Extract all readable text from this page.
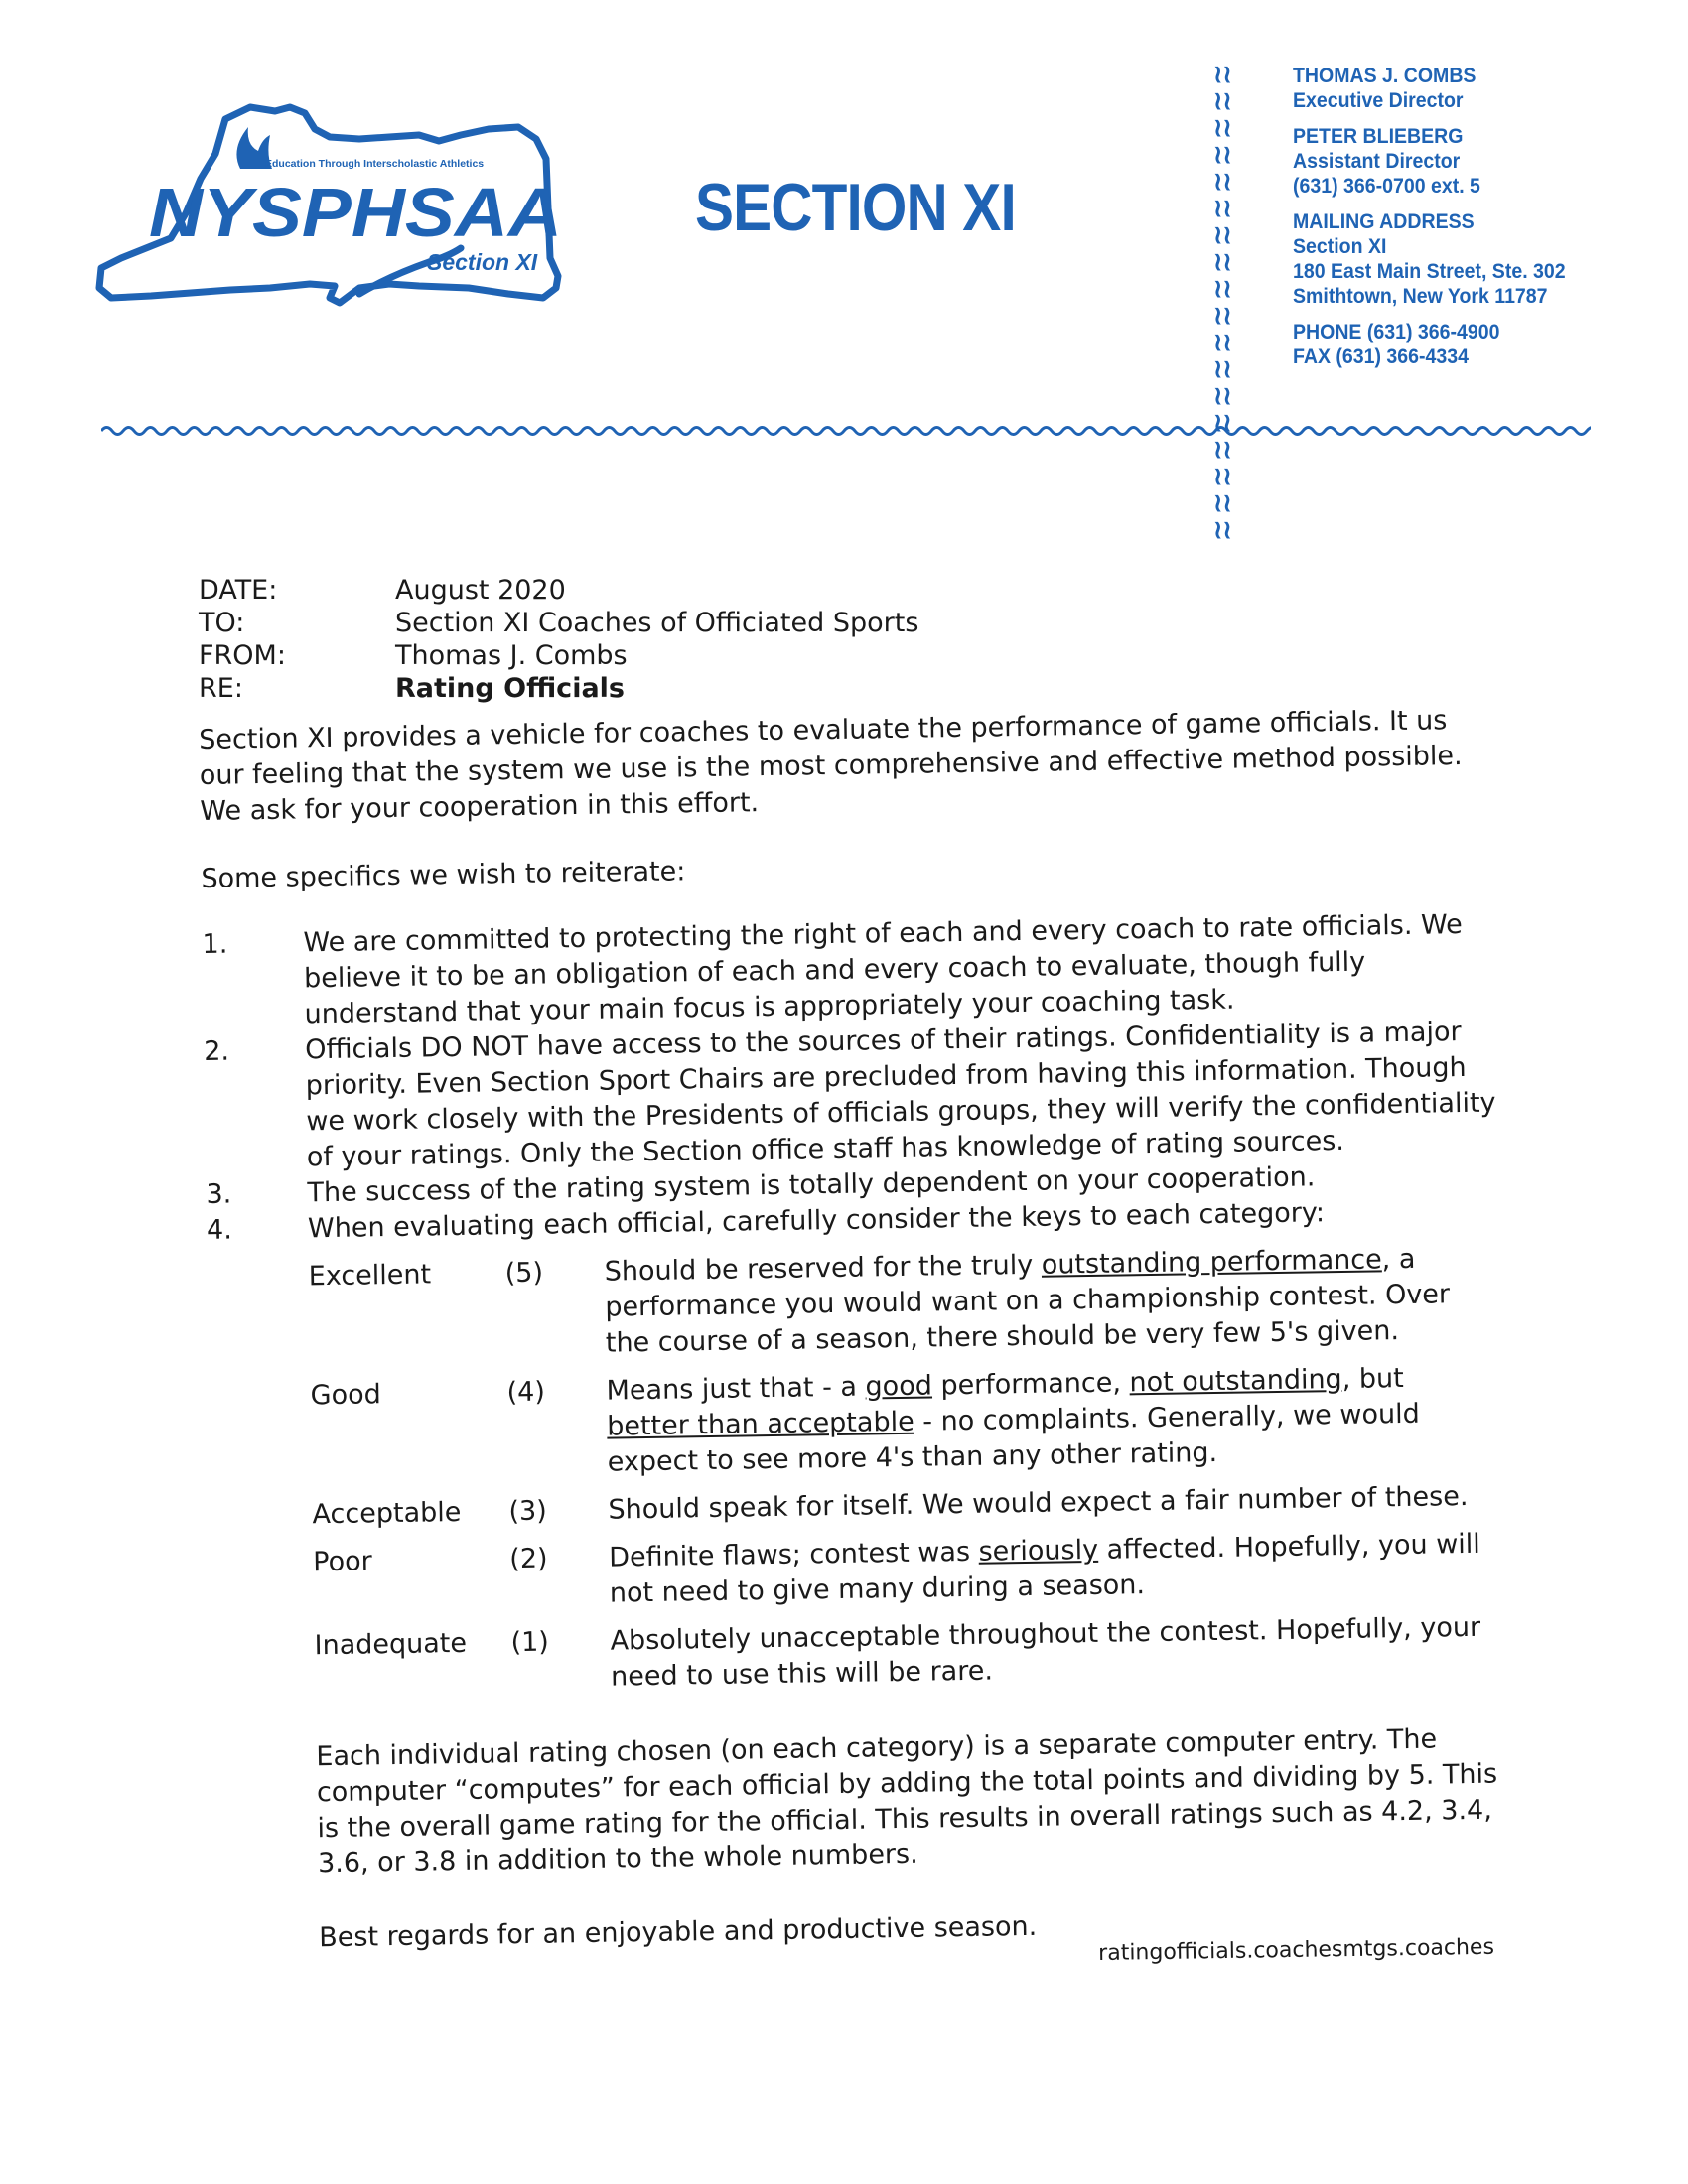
Education Through Interscholastic Athletics
NYSPHSAA
Section XI
SECTION XI
≀≀
≀≀
≀≀
≀≀
≀≀
≀≀
≀≀
≀≀
≀≀
≀≀
≀≀
≀≀
≀≀
≀≀
≀≀
≀≀
≀≀
≀≀
THOMAS J. COMBS
Executive Director
PETER BLIEBERG
Assistant Director
(631) 366-0700 ext. 5
MAILING ADDRESS
Section XI
180 East Main Street, Ste. 302
Smithtown, New York 11787
PHONE (631) 366-4900
FAX (631) 366-4334
DATE:	August 2020
TO:	Section XI Coaches of Officiated Sports
FROM:	Thomas J. Combs
RE:	Rating Officials

Section XI provides a vehicle for coaches to evaluate the performance of game officials. It us our feeling that the system we use is the most comprehensive and effective method possible. We ask for your cooperation in this effort.

Some specifics we wish to reiterate:

1.	We are committed to protecting the right of each and every coach to rate officials. We believe it to be an obligation of each and every coach to evaluate, though fully understand that your main focus is appropriately your coaching task.
2.	Officials DO NOT have access to the sources of their ratings. Confidentiality is a major priority. Even Section Sport Chairs are precluded from having this information. Though we work closely with the Presidents of officials groups, they will verify the confidentiality of your ratings. Only the Section office staff has knowledge of rating sources.
3.	The success of the rating system is totally dependent on your cooperation.
4.	When evaluating each official, carefully consider the keys to each category:
Excellent	(5)	Should be reserved for the truly outstanding performance, a performance you would want on a championship contest. Over the course of a season, there should be very few 5's given.
Good	(4)	Means just that - a good performance, not outstanding, but better than acceptable - no complaints. Generally, we would expect to see more 4's than any other rating.
Acceptable	(3)	Should speak for itself. We would expect a fair number of these.
Poor	(2)	Definite flaws; contest was seriously affected. Hopefully, you will not need to give many during a season.
Inadequate	(1)	Absolutely unacceptable throughout the contest. Hopefully, your need to use this will be rare.

Each individual rating chosen (on each category) is a separate computer entry. The computer “computes” for each official by adding the total points and dividing by 5. This is the overall game rating for the official. This results in overall ratings such as 4.2, 3.4, 3.6, or 3.8 in addition to the whole numbers.

Best regards for an enjoyable and productive season.	ratingofficials.coachesmtgs.coaches
